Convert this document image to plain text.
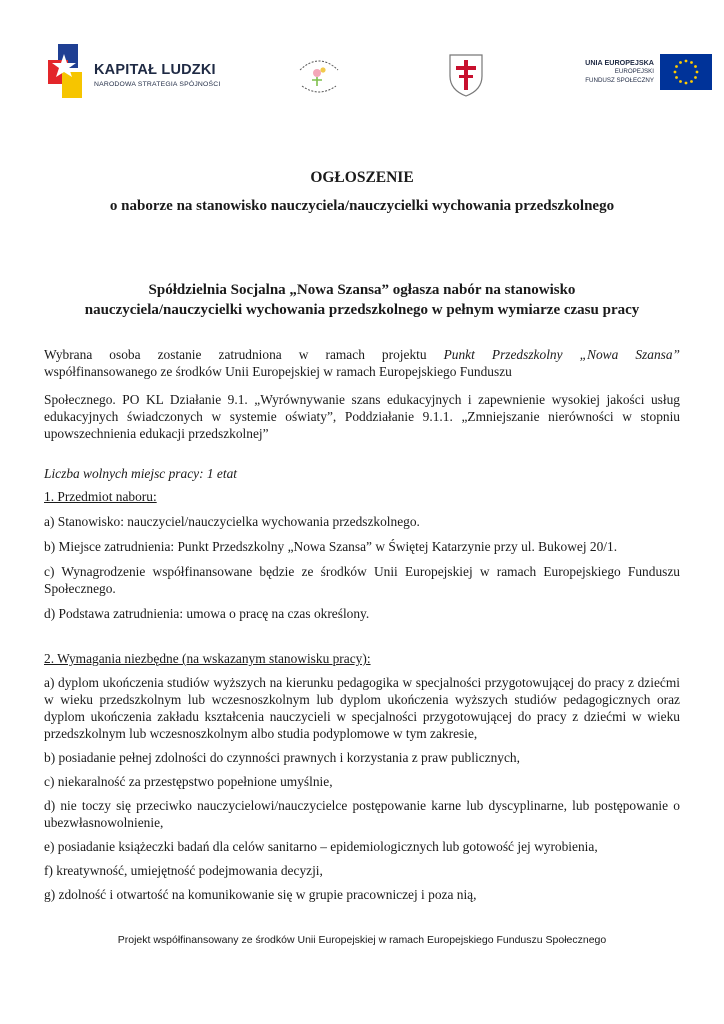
KAPITAŁ LUDZKI
NARODOWA STRATEGIA SPÓJNOŚCI
UNIA EUROPEJSKA
EUROPEJSKI
FUNDUSZ SPOŁECZNY

OGŁOSZENIE

o naborze na stanowisko nauczyciela/nauczycielki wychowania przedszkolnego

Spółdzielnia Socjalna „Nowa Szansa” ogłasza nabór na stanowisko
nauczyciela/nauczycielki wychowania przedszkolnego w pełnym wymiarze czasu pracy

Wybrana osoba zostanie zatrudniona w ramach projektu Punkt Przedszkolny „Nowa Szansa”

współfinansowanego ze środków Unii Europejskiej w ramach Europejskiego Funduszu

Społecznego. PO KL Działanie 9.1. „Wyrównywanie szans edukacyjnych i zapewnienie wysokiej jakości usług edukacyjnych świadczonych w systemie oświaty”, Poddziałanie 9.1.1. „Zmniejszanie nierówności w stopniu upowszechnienia edukacji przedszkolnej”

Liczba wolnych miejsc pracy: 1 etat

1. Przedmiot naboru:

a) Stanowisko: nauczyciel/nauczycielka wychowania przedszkolnego.

b) Miejsce zatrudnienia: Punkt Przedszkolny „Nowa Szansa” w Świętej Katarzynie przy ul. Bukowej 20/1.

c) Wynagrodzenie współfinansowane będzie ze środków Unii Europejskiej w ramach Europejskiego Funduszu Społecznego.

d) Podstawa zatrudnienia: umowa o pracę na czas określony.

2. Wymagania niezbędne (na wskazanym stanowisku pracy):

a) dyplom ukończenia studiów wyższych na kierunku pedagogika w specjalności przygotowującej do pracy z dziećmi w wieku przedszkolnym lub wczesnoszkolnym lub dyplom ukończenia wyższych studiów pedagogicznych oraz dyplom ukończenia zakładu kształcenia nauczycieli w specjalności przygotowującej do pracy z dziećmi w wieku przedszkolnym lub wczesnoszkolnym albo studia podyplomowe w tym zakresie,

b) posiadanie pełnej zdolności do czynności prawnych i korzystania z praw publicznych,

c) niekaralność za przestępstwo popełnione umyślnie,

d) nie toczy się przeciwko nauczycielowi/nauczycielce postępowanie karne lub dyscyplinarne, lub postępowanie o ubezwłasnowolnienie,

e) posiadanie książeczki badań dla celów sanitarno – epidemiologicznych lub gotowość jej wyrobienia,

f) kreatywność, umiejętność podejmowania decyzji,

g) zdolność i otwartość na komunikowanie się w grupie pracowniczej i poza nią,

Projekt współfinansowany ze środków Unii Europejskiej w ramach Europejskiego Funduszu Społecznego
